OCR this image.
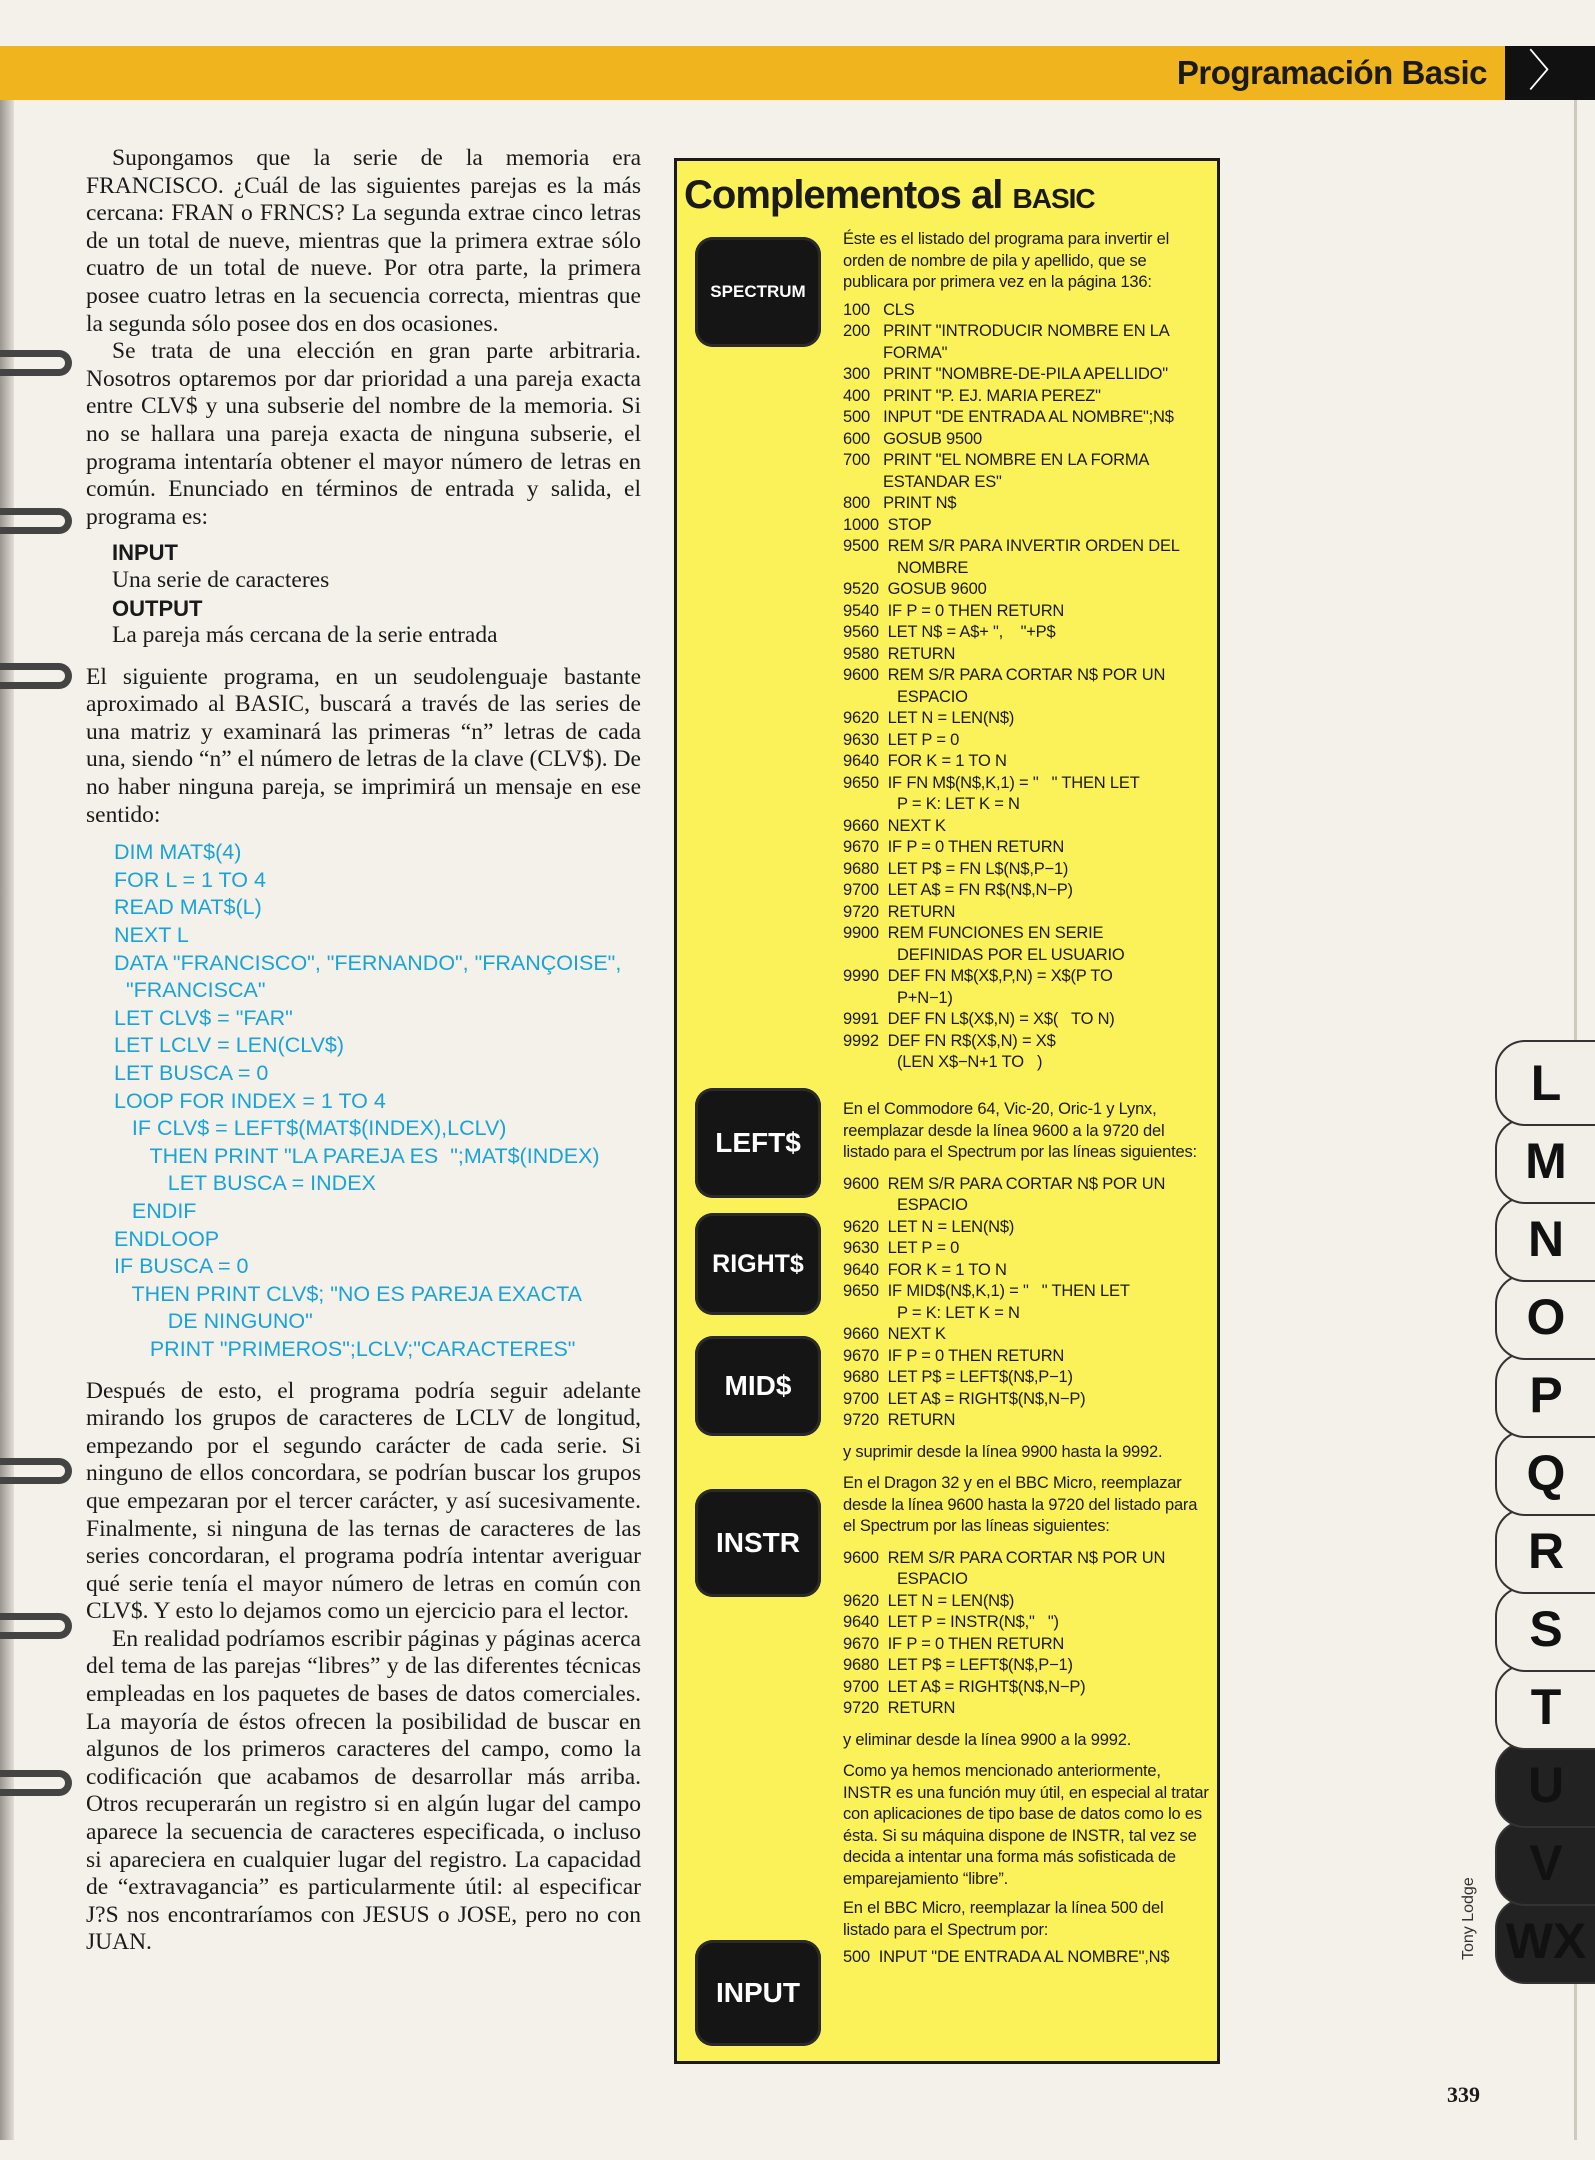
Programación Basic 〉

Supongamos que la serie de la memoria era FRANCISCO. ¿Cuál de las siguientes parejas es la más cercana: FRAN o FRNCS? La segunda extrae cinco letras de un total de nueve, mientras que la primera extrae sólo cuatro de un total de nueve. Por otra parte, la primera posee cuatro letras en la secuencia correcta, mientras que la segunda sólo posee dos en dos ocasiones.

Se trata de una elección en gran parte arbitraria. Nosotros optaremos por dar prioridad a una pareja exacta entre CLV$ y una subserie del nombre de la memoria. Si no se hallara una pareja exacta de ninguna subserie, el programa intentaría obtener el mayor número de letras en común. Enunciado en términos de entrada y salida, el programa es:

INPUT
Una serie de caracteres
OUTPUT
La pareja más cercana de la serie entrada

El siguiente programa, en un seudolenguaje bastante aproximado al BASIC, buscará a través de las series de una matriz y examinará las primeras “n” letras de cada una, siendo “n” el número de letras de la clave (CLV$). De no haber ninguna pareja, se imprimirá un mensaje en ese sentido:

DIM MAT$(4)
FOR L = 1 TO 4
READ MAT$(L)
NEXT L
DATA "FRANCISCO", "FERNANDO", "FRANÇOISE",
"FRANCISCA"
LET CLV$ = "FAR"
LET LCLV = LEN(CLV$)
LET BUSCA = 0
LOOP FOR INDEX = 1 TO 4
IF CLV$ = LEFT$(MAT$(INDEX),LCLV)
THEN PRINT "LA PAREJA ES  ";MAT$(INDEX)
LET BUSCA = INDEX
ENDIF
ENDLOOP
IF BUSCA = 0
THEN PRINT CLV$; "NO ES PAREJA EXACTA
DE NINGUNO"
PRINT "PRIMEROS";LCLV;"CARACTERES"

Después de esto, el programa podría seguir adelante mirando los grupos de caracteres de LCLV de longitud, empezando por el segundo carácter de cada serie. Si ninguno de ellos concordara, se podrían buscar los grupos que empezaran por el tercer carácter, y así sucesivamente. Finalmente, si ninguna de las ternas de caracteres de las series concordaran, el programa podría intentar averiguar qué serie tenía el mayor número de letras en común con CLV$. Y esto lo dejamos como un ejercicio para el lector.

En realidad podríamos escribir páginas y páginas acerca del tema de las parejas “libres” y de las diferentes técnicas empleadas en los paquetes de bases de datos comerciales. La mayoría de éstos ofrecen la posibilidad de buscar en algunos de los primeros caracteres del campo, como la codificación que acabamos de desarrollar más arriba. Otros recuperarán un registro si en algún lugar del campo aparece la secuencia de caracteres especificada, o incluso si apareciera en cualquier lugar del registro. La capacidad de “extravagancia” es particularmente útil: al especificar J?S nos encontraríamos con JESUS o JOSE, pero no con JUAN.

Complementos al BASIC
SPECTRUM
LEFT$
RIGHT$
MID$
INSTR
INPUT

Éste es el listado del programa para invertir el orden de nombre de pila y apellido, que se publicara por primera vez en la página 136:

100   CLS
200   PRINT "INTRODUCIR NOMBRE EN LA
FORMA"
300   PRINT "NOMBRE-DE-PILA APELLIDO"
400   PRINT "P. EJ. MARIA PEREZ"
500   INPUT "DE ENTRADA AL NOMBRE";N$
600   GOSUB 9500
700   PRINT "EL NOMBRE EN LA FORMA
ESTANDAR ES"
800   PRINT N$
1000  STOP
9500  REM S/R PARA INVERTIR ORDEN DEL
NOMBRE
9520  GOSUB 9600
9540  IF P = 0 THEN RETURN
9560  LET N$ = A$+ ",    "+P$
9580  RETURN
9600  REM S/R PARA CORTAR N$ POR UN
ESPACIO
9620  LET N = LEN(N$)
9630  LET P = 0
9640  FOR K = 1 TO N
9650  IF FN M$(N$,K,1) = "   " THEN LET
P = K: LET K = N
9660  NEXT K
9670  IF P = 0 THEN RETURN
9680  LET P$ = FN L$(N$,P−1)
9700  LET A$ = FN R$(N$,N−P)
9720  RETURN
9900  REM FUNCIONES EN SERIE
DEFINIDAS POR EL USUARIO
9990  DEF FN M$(X$,P,N) = X$(P TO
P+N−1)
9991  DEF FN L$(X$,N) = X$(   TO N)
9992  DEF FN R$(X$,N) = X$
(LEN X$−N+1 TO   )

En el Commodore 64, Vic-20, Oric-1 y Lynx, reemplazar desde la línea 9600 a la 9720 del listado para el Spectrum por las líneas siguientes:

9600  REM S/R PARA CORTAR N$ POR UN
ESPACIO
9620  LET N = LEN(N$)
9630  LET P = 0
9640  FOR K = 1 TO N
9650  IF MID$(N$,K,1) = "   " THEN LET
P = K: LET K = N
9660  NEXT K
9670  IF P = 0 THEN RETURN
9680  LET P$ = LEFT$(N$,P−1)
9700  LET A$ = RIGHT$(N$,N−P)
9720  RETURN

y suprimir desde la línea 9900 hasta la 9992.

En el Dragon 32 y en el BBC Micro, reemplazar desde la línea 9600 hasta la 9720 del listado para el Spectrum por las líneas siguientes:

9600  REM S/R PARA CORTAR N$ POR UN
ESPACIO
9620  LET N = LEN(N$)
9640  LET P = INSTR(N$,"   ")
9670  IF P = 0 THEN RETURN
9680  LET P$ = LEFT$(N$,P−1)
9700  LET A$ = RIGHT$(N$,N−P)
9720  RETURN

y eliminar desde la línea 9900 a la 9992.

Como ya hemos mencionado anteriormente, INSTR es una función muy útil, en especial al tratar con aplicaciones de tipo base de datos como lo es ésta. Si su máquina dispone de INSTR, tal vez se decida a intentar una forma más sofisticada de emparejamiento “libre”.

En el BBC Micro, reemplazar la línea 500 del listado para el Spectrum por:

500  INPUT "DE ENTRADA AL NOMBRE",N$
L
M
N
O
P
Q
R
S
T
U
V
WX
Tony Lodge
339
